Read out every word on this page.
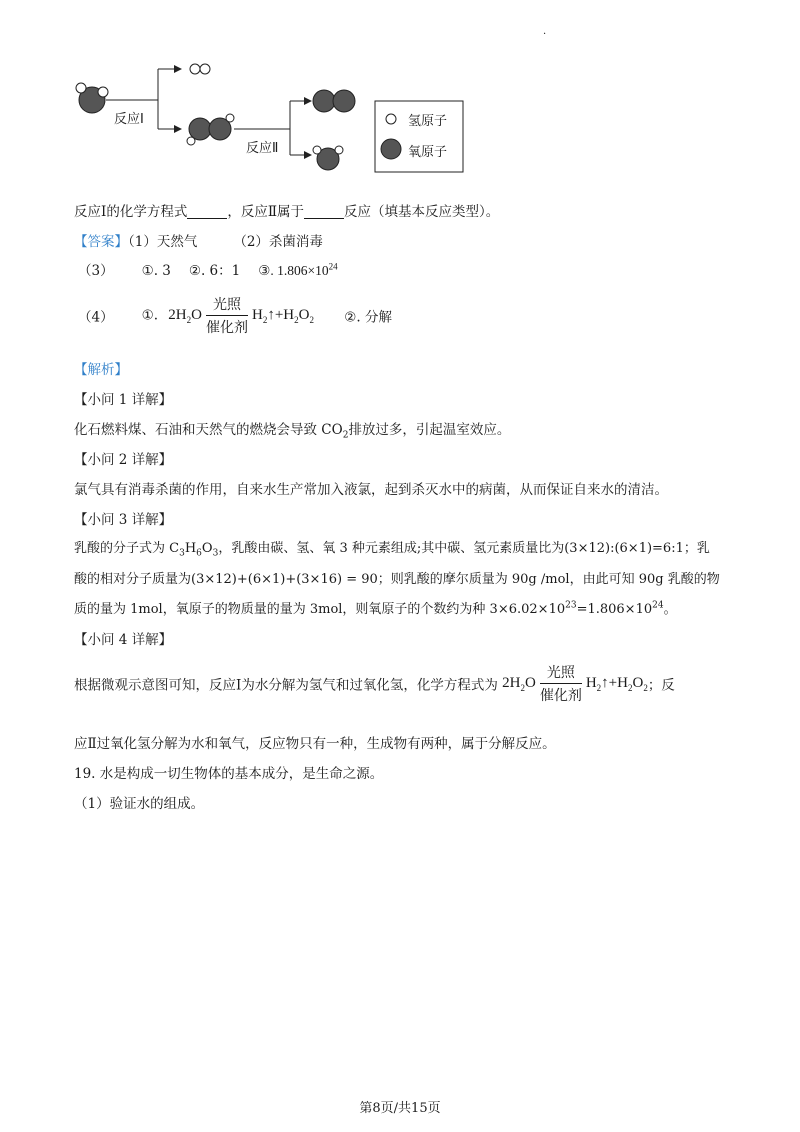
.
反应Ⅰ
反应Ⅱ
氢原子
氧原子
反应Ⅰ的化学方程式	，反应Ⅱ属于	反应（填基本反应类型）。
【答案】（1）天然气	（2）杀菌消毒
（3） ①. 3 ②. 6：1 ③. $1.806\times 10^{24}$
（4） ①. $2H_2O \frac{\text{光照}}{\text{催化剂}}$ $H_2↑+H_2O_2$ ②. 分解
【解析】
【小问 1 详解】
化石燃料煤、石油和天然气的燃烧会导致 $CO_2$排放过多，引起温室效应。
【小问 2 详解】
氯气具有消毒杀菌的作用，自来水生产常加入液氯，起到杀灭水中的病菌，从而保证自来水的清洁。
【小问 3 详解】
乳酸的分子式为 $C_3H_6O_3$，乳酸由碳、氢、氧 3 种元素组成;其中碳、氢元素质量比为(3×12):(6×1)=6:1；乳
酸的相对分子质量为(3×12)+(6×1)+(3×16) = 90；则乳酸的摩尔质量为 90g /mol，由此可知 90g 乳酸的物
质的量为 1mol，氧原子的物质量的量为 3mol，则氧原子的个数约为种 $3\times 6.02\times 10^{23}=1.806\times 10^{24}$。
【小问 4 详解】
根据微观示意图可知，反应Ⅰ为水分解为氢气和过氧化氢，化学方程式为 $2H_2O \frac{\text{光照}}{\text{催化剂}}$ $H_2↑+H_2O_2$；反
应Ⅱ过氧化氢分解为水和氧气，反应物只有一种，生成物有两种，属于分解反应。
19. 水是构成一切生物体的基本成分，是生命之源。
（1）验证水的组成。
第8页/共15页
